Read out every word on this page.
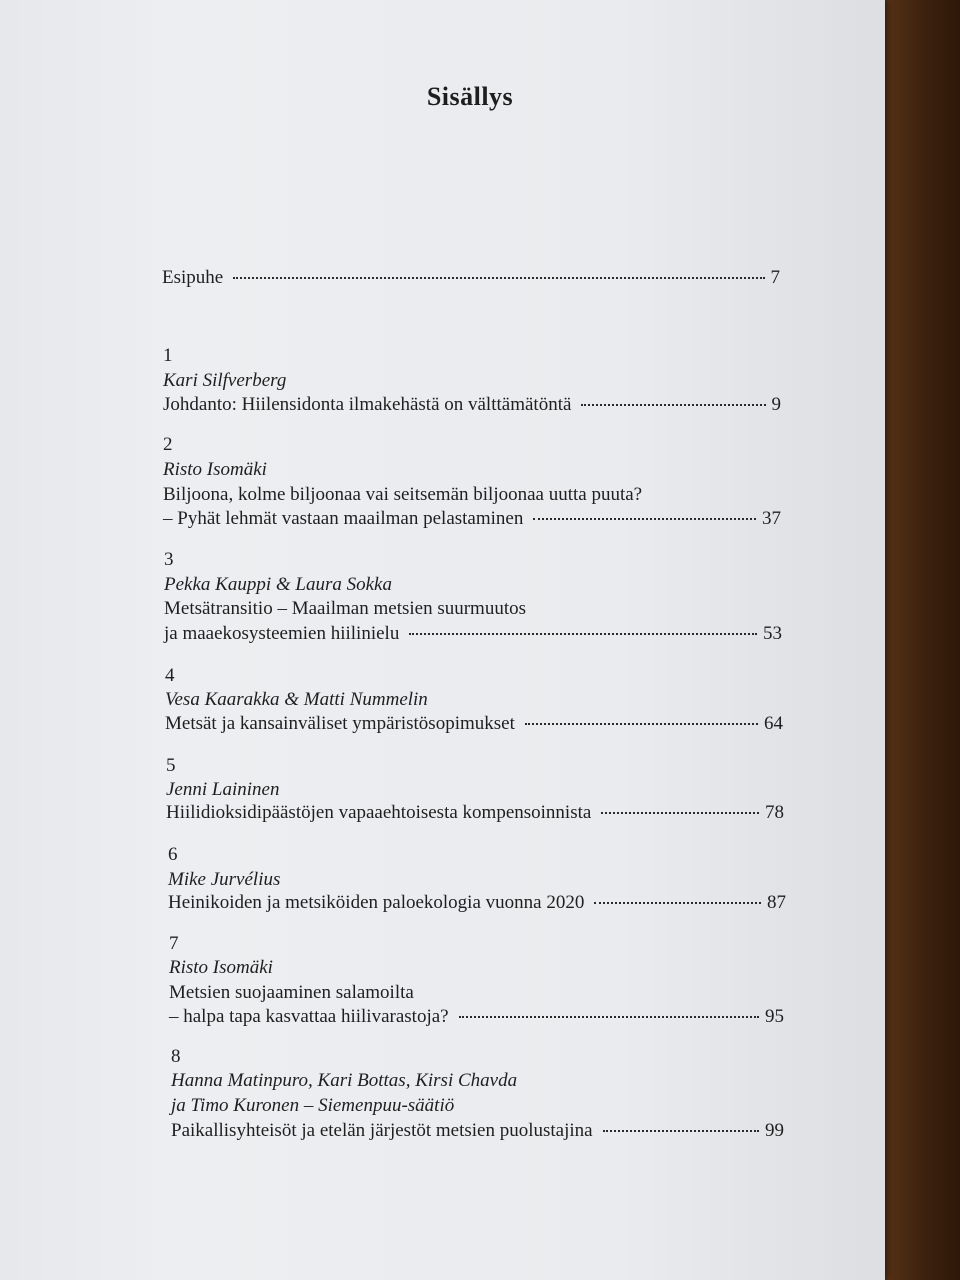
Sisällys
Esipuhe	7
1
Kari Silfverberg
Johdanto: Hiilensidonta ilmakehästä on välttämätöntä	9
2
Risto Isomäki
Biljoona, kolme biljoonaa vai seitsemän biljoonaa uutta puuta?
– Pyhät lehmät vastaan maailman pelastaminen	37
3
Pekka Kauppi & Laura Sokka
Metsätransitio – Maailman metsien suurmuutos
ja maaekosysteemien hiilinielu	53
4
Vesa Kaarakka & Matti Nummelin
Metsät ja kansainväliset ympäristösopimukset	64
5
Jenni Laininen
Hiilidioksidipäästöjen vapaaehtoisesta kompensoinnista	78
6
Mike Jurvélius
Heinikoiden ja metsiköiden paloekologia vuonna 2020	87
7
Risto Isomäki
Metsien suojaaminen salamoilta
– halpa tapa kasvattaa hiilivarastoja?	95
8
Hanna Matinpuro, Kari Bottas, Kirsi Chavda
ja Timo Kuronen – Siemenpuu-säätiö
Paikallisyhteisöt ja etelän järjestöt metsien puolustajina	99
